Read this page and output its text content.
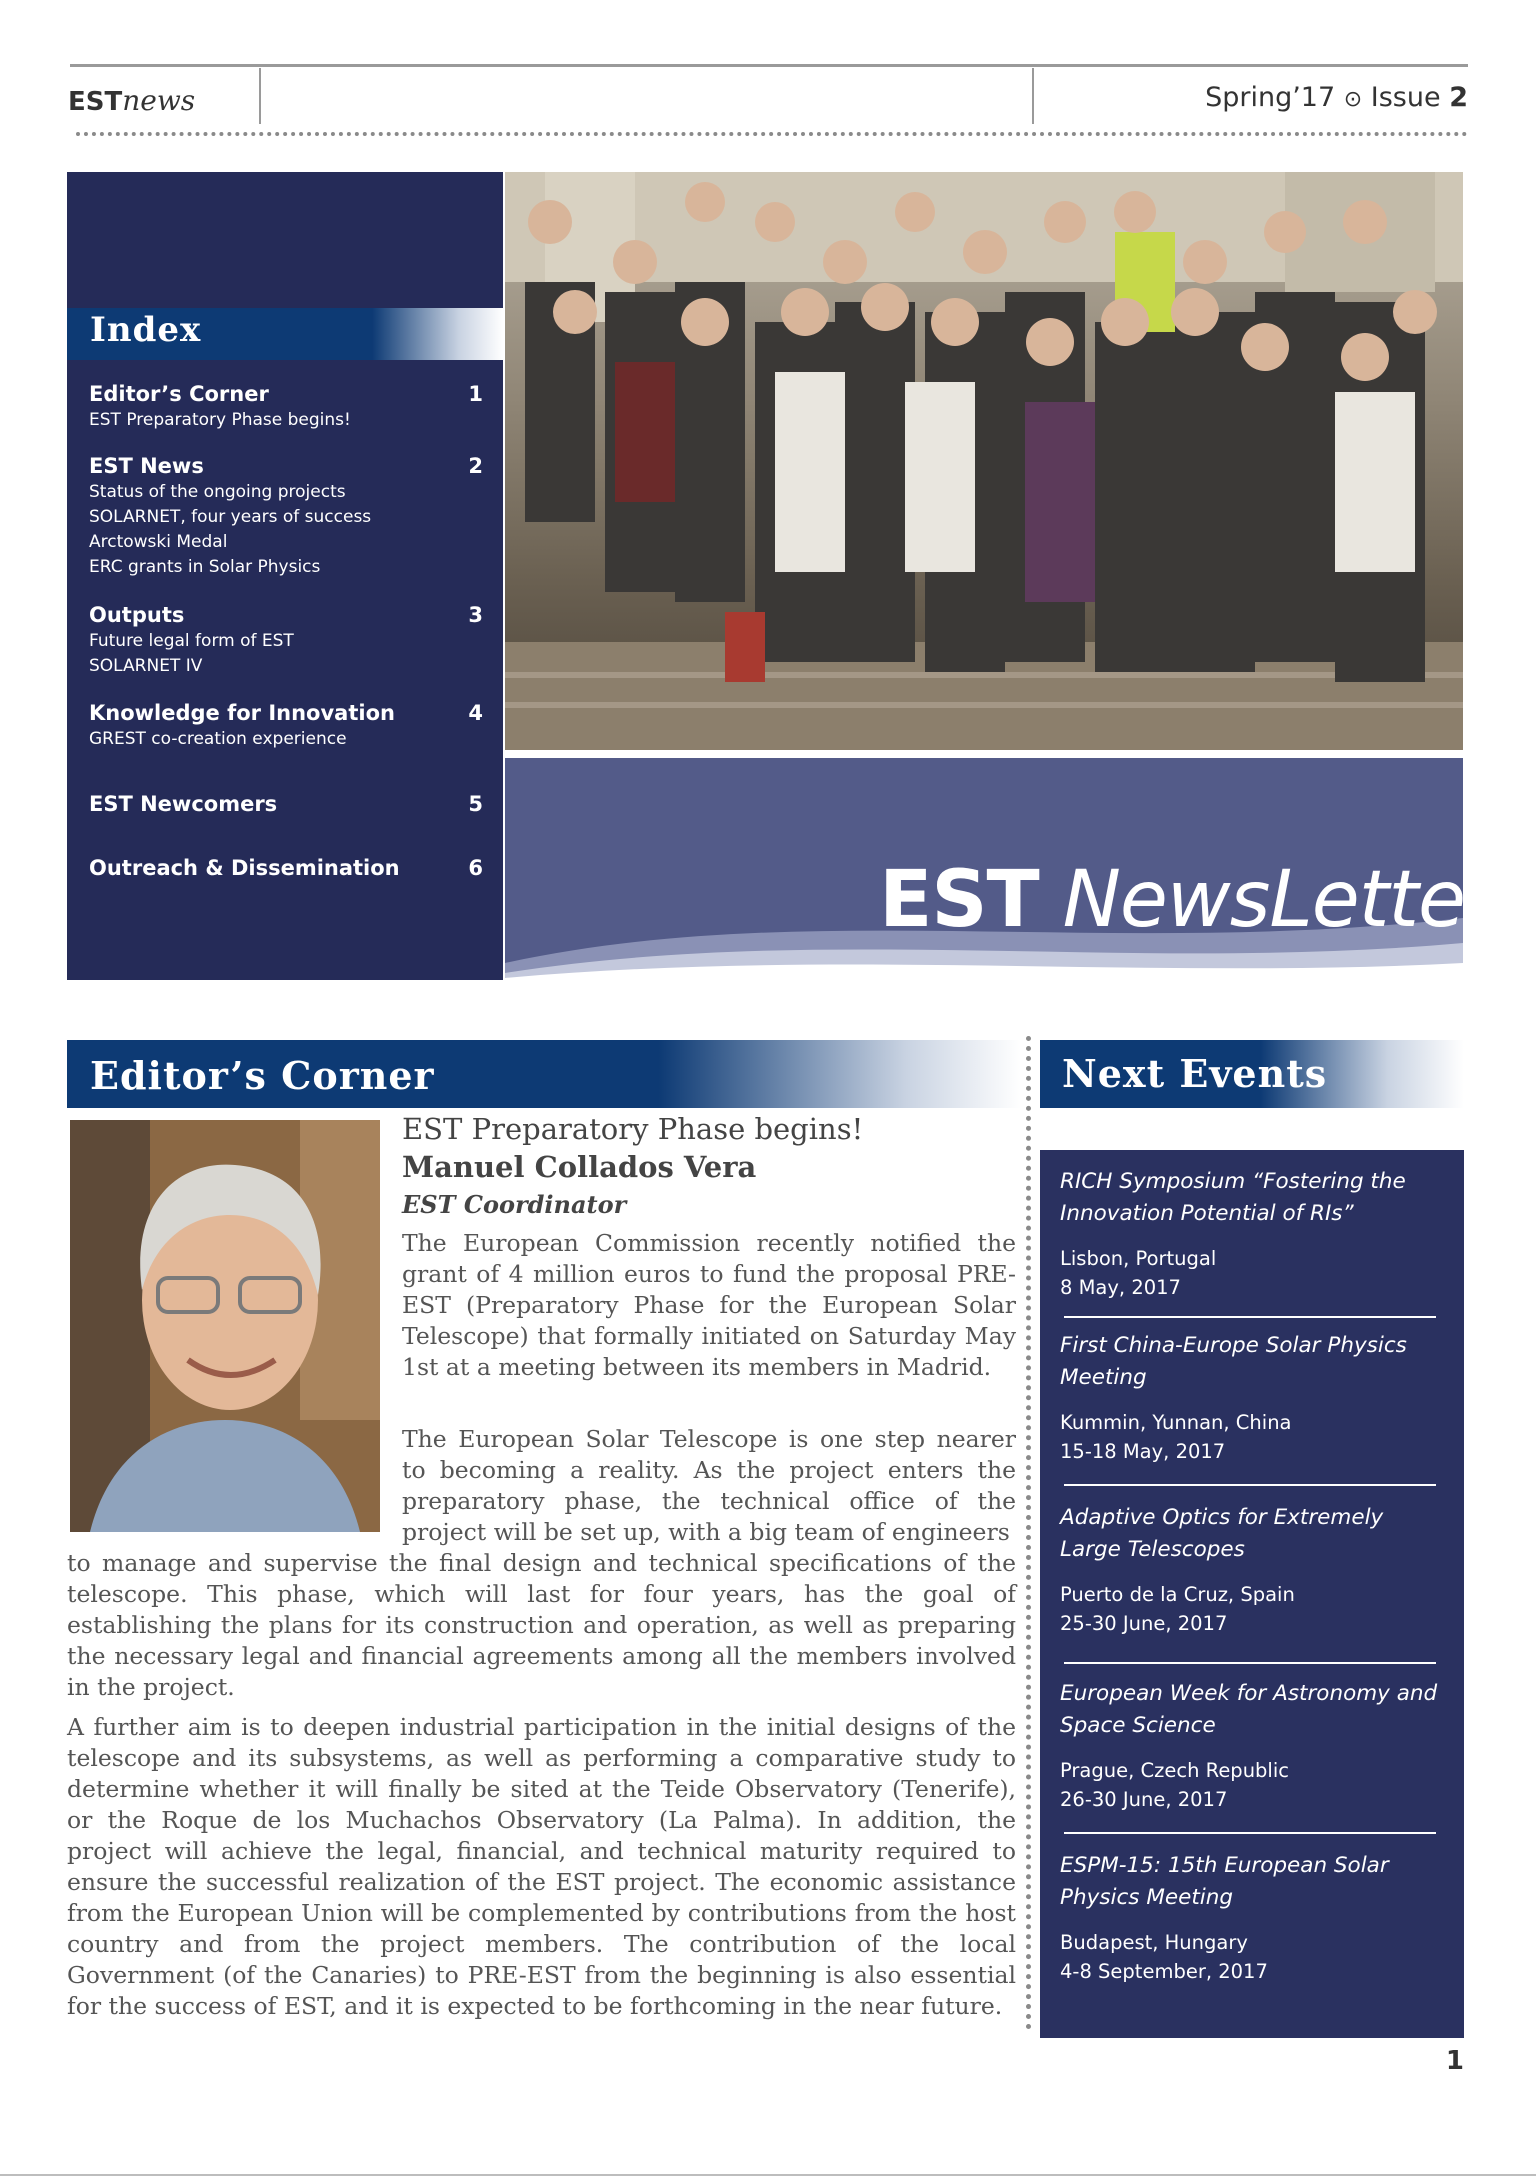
ESTnews	Spring’17 ⊙ Issue 2
Index
Editor’s Corner	1
EST Preparatory Phase begins!
EST News	2
Status of the ongoing projects
SOLARNET, four years of success
Arctowski Medal
ERC grants in Solar Physics
Outputs	3
Future legal form of EST
SOLARNET IV
Knowledge for Innovation	4
GREST co-creation experience
EST Newcomers	5
Outreach & Dissemination	6	EST NewsLetter
Editor’s Corner
EST Preparatory Phase begins!
Manuel Collados Vera
EST Coordinator
The European Commission recently notified the grant of 4 million euros to fund the proposal PRE-EST (Preparatory Phase for the European Solar Telescope) that formally initiated on Saturday May 1st at a meeting between its members in Madrid.
The European Solar Telescope is one step nearer to becoming a reality. As the project enters the preparatory phase, the technical office of the project will be set up, with a big team of engineers
to manage and supervise the final design and technical specifications of the telescope. This phase, which will last for four years, has the goal of establishing the plans for its construction and operation, as well as preparing the necessary legal and financial agreements among all the members involved in the project.
A further aim is to deepen industrial participation in the initial designs of the telescope and its subsystems, as well as performing a comparative study to determine whether it will finally be sited at the Teide Observatory (Tenerife), or the Roque de los Muchachos Observatory (La Palma). In addition, the project will achieve the legal, financial, and technical maturity required to ensure the successful realization of the EST project. The economic assistance from the European Union will be complemented by contributions from the host country and from the project members. The contribution of the local Government (of the Canaries) to PRE-EST from the beginning is also essential for the success of EST, and it is expected to be forthcoming in the near future.
Next Events
RICH Symposium “Fostering the Innovation Potential of RIs”
Lisbon, Portugal
8 May, 2017
First China-Europe Solar Physics Meeting
Kummin, Yunnan, China
15-18 May, 2017
Adaptive Optics for Extremely Large Telescopes
Puerto de la Cruz, Spain
25-30 June, 2017
European Week for Astronomy and Space Science
Prague, Czech Republic
26-30 June, 2017
ESPM-15: 15th European Solar Physics Meeting
Budapest, Hungary
4-8 September, 2017
1
